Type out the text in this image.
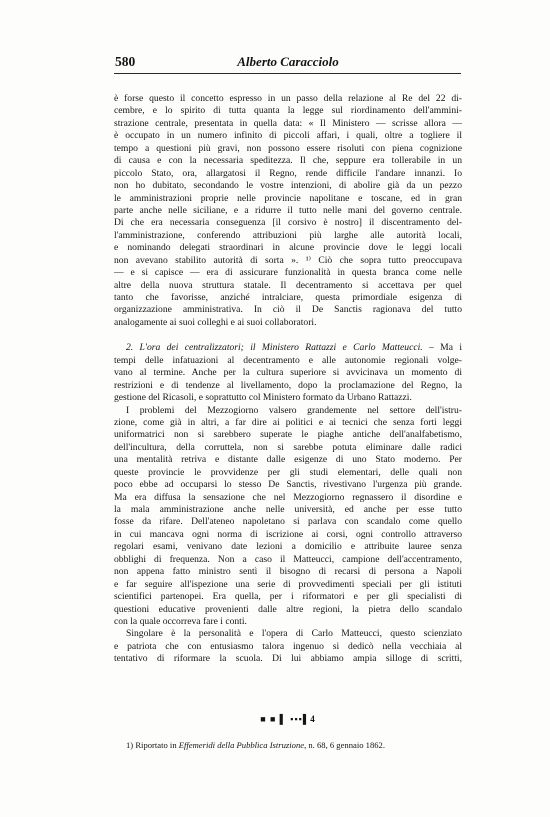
580	Alberto Caracciolo
è forse questo il concetto espresso in un passo della relazione al Re del 22 di-
cembre, e lo spirito di tutta quanta la legge sul riordinamento dell'ammini-
strazione centrale, presentata in quella data: « Il Ministero — scrisse allora —
è occupato in un numero infinito di piccoli affari, i quali, oltre a togliere il
tempo a questioni più gravi, non possono essere risoluti con piena cognizione
di causa e con la necessaria speditezza. Il che, seppure era tollerabile in un
piccolo Stato, ora, allargatosi il Regno, rende difficile l'andare innanzi. Io
non ho dubitato, secondando le vostre intenzioni, di abolire già da un pezzo
le amministrazioni proprie nelle provincie napolitane e toscane, ed in gran
parte anche nelle siciliane, e a ridurre il tutto nelle mani del governo centrale.
Di che era necessaria conseguenza [il corsivo è nostro] il discentramento del-
l'amministrazione, conferendo attribuzioni più larghe alle autorità locali,
e nominando delegati straordinari in alcune provincie dove le leggi locali
non avevano stabilito autorità di sorta ». ¹⁾ Ciò che sopra tutto preoccupava
— e si capisce — era di assicurare funzionalità in questa branca come nelle
altre della nuova struttura statale. Il decentramento si accettava per quel
tanto che favorisse, anziché intralciare, questa primordiale esigenza di
organizzazione amministrativa. In ciò il De Sanctis ragionava del tutto
analogamente ai suoi colleghi e ai suoi collaboratori.
2. L'ora dei centralizzatori; il Ministero Rattazzi e Carlo Matteucci. – Ma i
tempi delle infatuazioni al decentramento e alle autonomie regionali volge-
vano al termine. Anche per la cultura superiore si avvicinava un momento di
restrizioni e di tendenze al livellamento, dopo la proclamazione del Regno, la
gestione del Ricasoli, e soprattutto col Ministero formato da Urbano Rattazzi.
I problemi del Mezzogiorno valsero grandemente nel settore dell'istru-
zione, come già in altri, a far dire ai politici e ai tecnici che senza forti leggi
uniformatrici non si sarebbero superate le piaghe antiche dell'analfabetismo,
dell'incultura, della corruttela, non si sarebbe potuta eliminare dalle radici
una mentalità retriva e distante dalle esigenze di uno Stato moderno. Per
queste provincie le provvidenze per gli studi elementari, delle quali non
poco ebbe ad occuparsi lo stesso De Sanctis, rivestivano l'urgenza più grande.
Ma era diffusa la sensazione che nel Mezzogiorno regnassero il disordine e
la mala amministrazione anche nelle università, ed anche per esse tutto
fosse da rifare. Dell'ateneo napoletano si parlava con scandalo come quello
in cui mancava ogni norma di iscrizione ai corsi, ogni controllo attraverso
regolari esami, venivano date lezioni a domicilio e attribuite lauree senza
obblighi di frequenza. Non a caso il Matteucci, campione dell'accentramento,
non appena fatto ministro sentì il bisogno di recarsi di persona a Napoli
e far seguire all'ispezione una serie di provvedimenti speciali per gli istituti
scientifici partenopei. Era quella, per i riformatori e per gli specialisti di
questioni educative provenienti dalle altre regioni, la pietra dello scandalo
con la quale occorreva fare i conti.
Singolare è la personalità e l'opera di Carlo Matteucci, questo scienziato
e patriota che con entusiasmo talora ingenuo si dedicò nella vecchiaia al
tentativo di riformare la scuola. Di lui abbiamo ampia silloge di scritti,
■ ■ ▌ ▪▪▪▌4
1) Riportato in Effemeridi della Pubblica Istruzione, n. 68, 6 gennaio 1862.
